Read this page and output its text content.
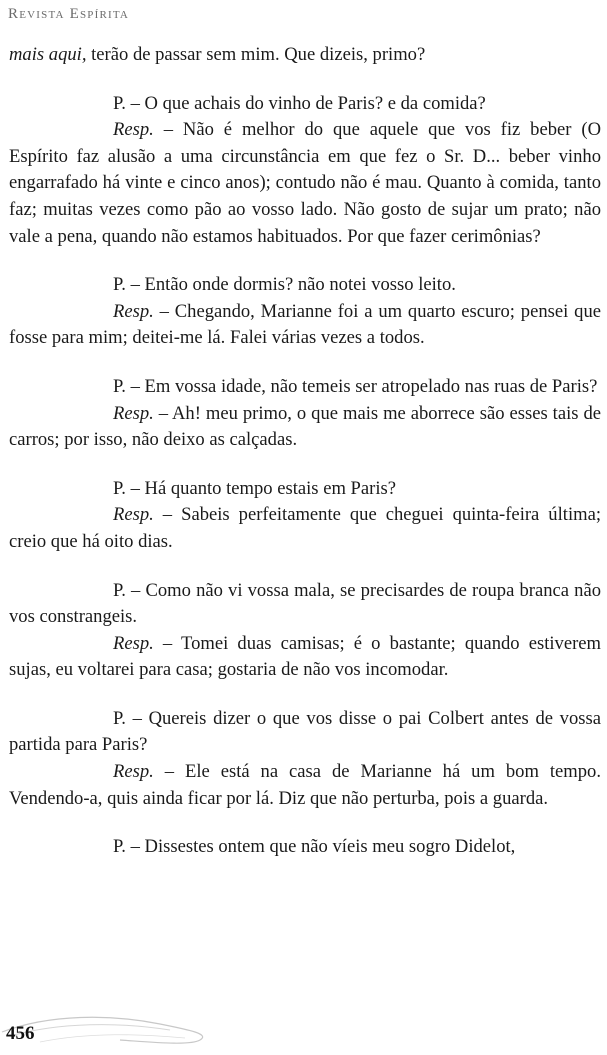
Revista Espírita

mais aqui, terão de passar sem mim. Que dizeis, primo?

P. – O que achais do vinho de Paris? e da comida?

Resp. – Não é melhor do que aquele que vos fiz beber (O Espírito faz alusão a uma circunstância em que fez o Sr. D... beber vinho engarrafado há vinte e cinco anos); contudo não é mau. Quanto à comida, tanto faz; muitas vezes como pão ao vosso lado. Não gosto de sujar um prato; não vale a pena, quando não estamos habituados. Por que fazer cerimônias?

P. – Então onde dormis? não notei vosso leito.

Resp. – Chegando, Marianne foi a um quarto escuro; pensei que fosse para mim; deitei-me lá. Falei várias vezes a todos.

P. – Em vossa idade, não temeis ser atropelado nas ruas de Paris?

Resp. – Ah! meu primo, o que mais me aborrece são esses tais de carros; por isso, não deixo as calçadas.

P. – Há quanto tempo estais em Paris?

Resp. – Sabeis perfeitamente que cheguei quinta-feira última; creio que há oito dias.

P. – Como não vi vossa mala, se precisardes de roupa branca não vos constrangeis.

Resp. – Tomei duas camisas; é o bastante; quando estiverem sujas, eu voltarei para casa; gostaria de não vos incomodar.

P. – Quereis dizer o que vos disse o pai Colbert antes de vossa partida para Paris?

Resp. – Ele está na casa de Marianne há um bom tempo. Vendendo-a, quis ainda ficar por lá. Diz que não perturba, pois a guarda.

P. – Dissestes ontem que não víeis meu sogro Didelot,

456
